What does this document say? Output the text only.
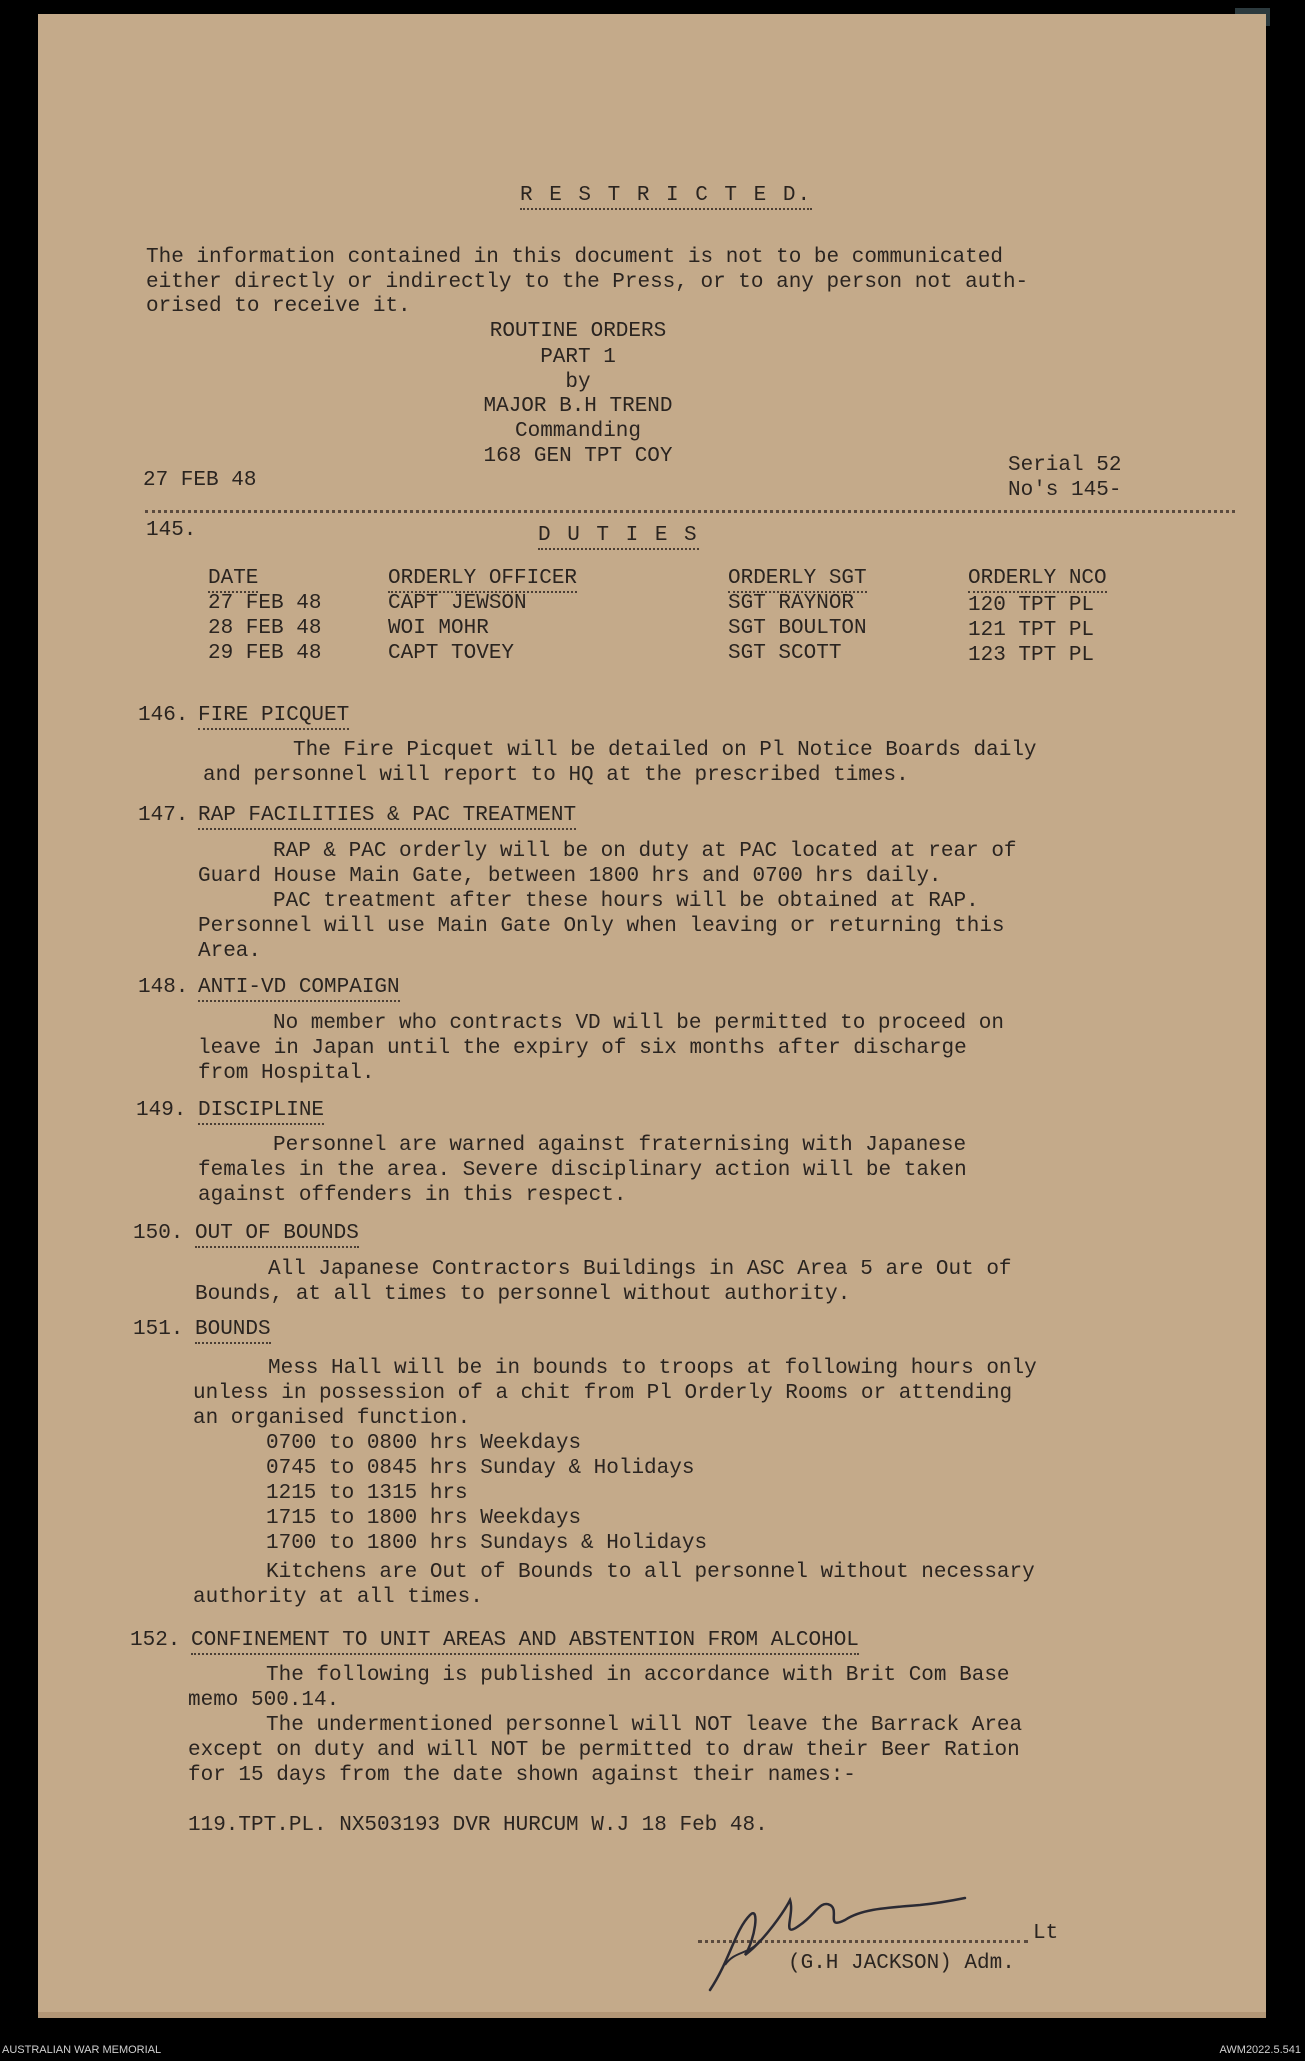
R E S T R I C T E D.
The information contained in this document is not to be communicated
either directly or indirectly to the Press, or to any person not auth-
orised to receive it.
ROUTINE ORDERS
PART 1
by
MAJOR B.H TREND
Commanding
168 GEN TPT COY
27 FEB 48
Serial 52
No's 145-
145.	D U T I E S
DATE	ORDERLY OFFICER	ORDERLY SGT	ORDERLY NCO
27 FEB 48	CAPT JEWSON	SGT RAYNOR	120 TPT PL
28 FEB 48	WOI MOHR	SGT BOULTON	121 TPT PL
29 FEB 48	CAPT TOVEY	SGT SCOTT	123 TPT PL
146. FIRE PICQUET
The Fire Picquet will be detailed on Pl Notice Boards daily
and personnel will report to HQ at the prescribed times.
147. RAP FACILITIES & PAC TREATMENT
RAP & PAC orderly will be on duty at PAC located at rear of
Guard House Main Gate, between 1800 hrs and 0700 hrs daily.
PAC treatment after these hours will be obtained at RAP.
Personnel will use Main Gate Only when leaving or returning this
Area.
148. ANTI-VD COMPAIGN
No member who contracts VD will be permitted to proceed on
leave in Japan until the expiry of six months after discharge
from Hospital.
149. DISCIPLINE
Personnel are warned against fraternising with Japanese
females in the area. Severe disciplinary action will be taken
against offenders in this respect.
150. OUT OF BOUNDS
All Japanese Contractors Buildings in ASC Area 5 are Out of
Bounds, at all times to personnel without authority.
151. BOUNDS
Mess Hall will be in bounds to troops at following hours only
unless in possession of a chit from Pl Orderly Rooms or attending
an organised function.
0700 to 0800 hrs Weekdays
0745 to 0845 hrs Sunday & Holidays
1215 to 1315 hrs
1715 to 1800 hrs Weekdays
1700 to 1800 hrs Sundays & Holidays
Kitchens are Out of Bounds to all personnel without necessary
authority at all times.
152. CONFINEMENT TO UNIT AREAS AND ABSTENTION FROM ALCOHOL
The following is published in accordance with Brit Com Base
memo 500.14.
The undermentioned personnel will NOT leave the Barrack Area
except on duty and will NOT be permitted to draw their Beer Ration
for 15 days from the date shown against their names:-
119.TPT.PL. NX503193 DVR HURCUM W.J 18 Feb 48.
Lt
(G.H JACKSON) Adm.
AUSTRALIAN WAR MEMORIAL	AWM2022.5.541
